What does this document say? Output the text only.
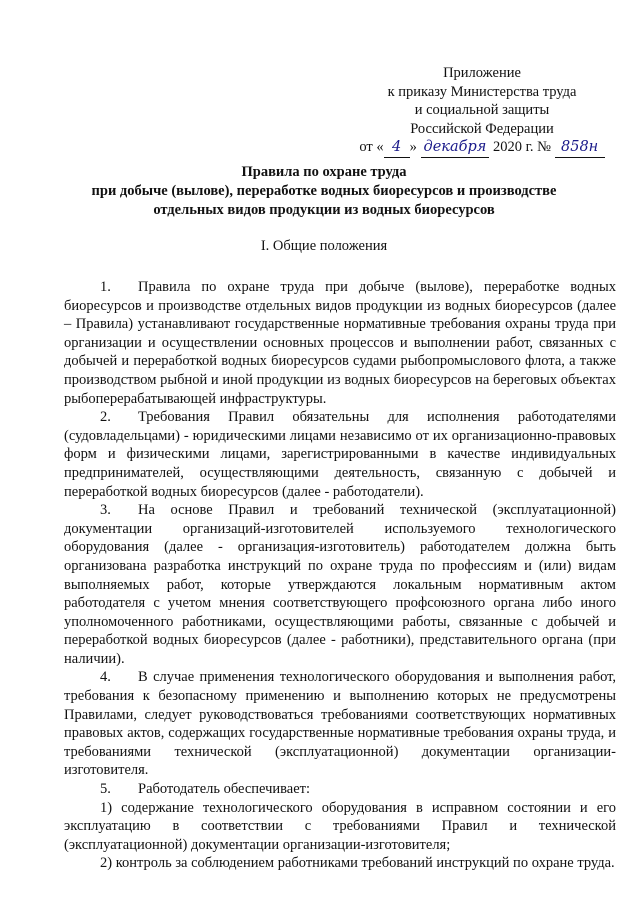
Приложение
к приказу Министерства труда
и социальной защиты
Российской Федерации
от « 4 » декабря 2020 г. № 858н
Правила по охране труда
при добыче (вылове), переработке водных биоресурсов и производстве
отдельных видов продукции из водных биоресурсов
I. Общие положения

1. Правила по охране труда при добыче (вылове), переработке водных биоресурсов и производстве отдельных видов продукции из водных биоресурсов (далее – Правила) устанавливают государственные нормативные требования охраны труда при организации и осуществлении основных процессов и выполнении работ, связанных с добычей и переработкой водных биоресурсов судами рыбопромыслового флота, а также производством рыбной и иной продукции из водных биоресурсов на береговых объектах рыбоперерабатывающей инфраструктуры.

2. Требования Правил обязательны для исполнения работодателями (судовладельцами) - юридическими лицами независимо от их организационно-правовых форм и физическими лицами, зарегистрированными в качестве индивидуальных предпринимателей, осуществляющими деятельность, связанную с добычей и переработкой водных биоресурсов (далее - работодатели).

3. На основе Правил и требований технической (эксплуатационной) документации организаций-изготовителей используемого технологического оборудования (далее - организация-изготовитель) работодателем должна быть организована разработка инструкций по охране труда по профессиям и (или) видам выполняемых работ, которые утверждаются локальным нормативным актом работодателя с учетом мнения соответствующего профсоюзного органа либо иного уполномоченного работниками, осуществляющими работы, связанные с добычей и переработкой водных биоресурсов (далее - работники), представительного органа (при наличии).

4. В случае применения технологического оборудования и выполнения работ, требования к безопасному применению и выполнению которых не предусмотрены Правилами, следует руководствоваться требованиями соответствующих нормативных правовых актов, содержащих государственные нормативные требования охраны труда, и требованиями технической (эксплуатационной) документации организации-изготовителя.

5. Работодатель обеспечивает:

1) содержание технологического оборудования в исправном состоянии и его эксплуатацию в соответствии с требованиями Правил и технической (эксплуатационной) документации организации-изготовителя;

2) контроль за соблюдением работниками требований инструкций по охране труда.
